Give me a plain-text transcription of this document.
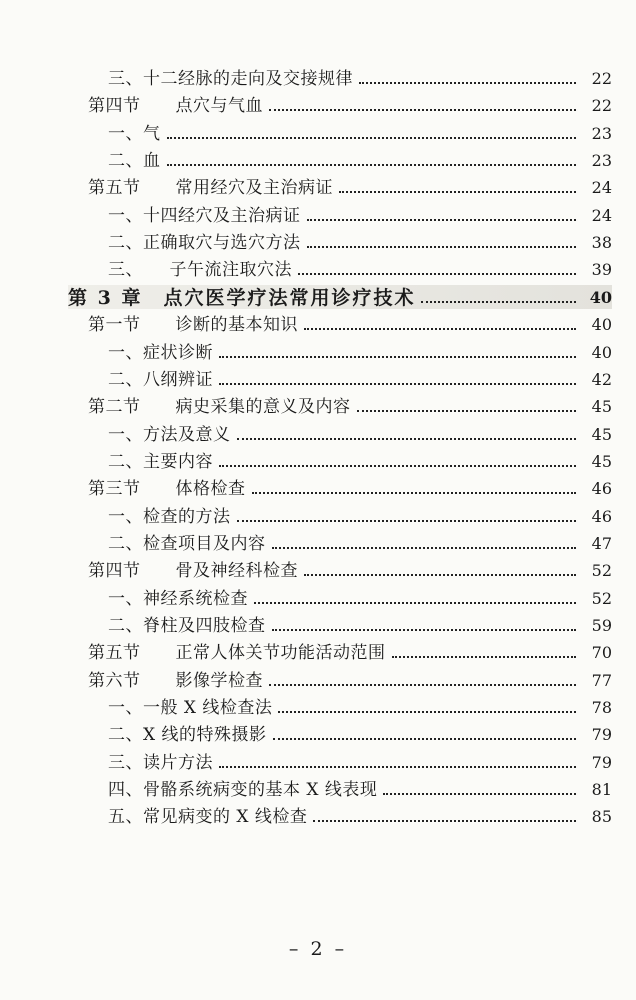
三、十二经脉的走向及交接规律	22
第四节　　点穴与气血	22
一、气	23
二、血	23
第五节　　常用经穴及主治病证	24
一、十四经穴及主治病证	24
二、正确取穴与选穴方法	38
三、　　子午流注取穴法	39
第 3 章　点穴医学疗法常用诊疗技术	40
第一节　　诊断的基本知识	40
一、症状诊断	40
二、八纲辨证	42
第二节　　病史采集的意义及内容	45
一、方法及意义	45
二、主要内容	45
第三节　　体格检查	46
一、检查的方法	46
二、检查项目及内容	47
第四节　　骨及神经科检查	52
一、神经系统检查	52
二、脊柱及四肢检查	59
第五节　　正常人体关节功能活动范围	70
第六节　　影像学检查	77
一、一般 X 线检查法	78
二、X 线的特殊摄影	79
三、读片方法	79
四、骨骼系统病变的基本 X 线表现	81
五、常见病变的 X 线检查	85
– 2 –
